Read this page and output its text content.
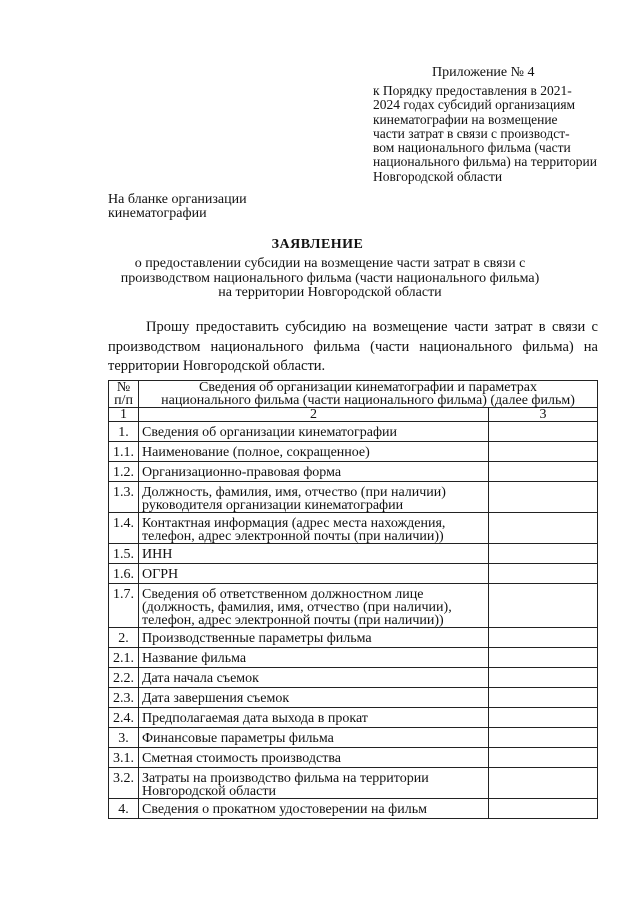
Приложение № 4
к Порядку предоставления в 2021-
2024 годах субсидий организациям
кинематографии на возмещение
части затрат в связи с производст-
вом национального фильма (части
национального фильма) на территории
Новгородской области
На бланке организации
кинематографии
ЗАЯВЛЕНИЕ
о предоставлении субсидии на возмещение части затрат в связи с
производством национального фильма (части национального фильма)
на территории Новгородской области
Прошу предоставить субсидию на возмещение части затрат в связи с
производством национального фильма (части национального фильма) на
территории Новгородской области.
№
п/п	Сведения об организации кинематографии и параметрах
национального фильма (части национального фильма) (далее фильм)	

1	2	3
1.	Сведения об организации кинематографии	

1.1.	Наименование (полное, сокращенное)	

1.2.	Организационно-правовая форма	

1.3.	Должность, фамилия, имя, отчество (при наличии)
руководителя организации кинематографии	

1.4.	Контактная информация (адрес места нахождения,
телефон, адрес электронной почты (при наличии))	

1.5.	ИНН	

1.6.	ОГРН	

1.7.	Сведения об ответственном должностном лице
(должность, фамилия, имя, отчество (при наличии),
телефон, адрес электронной почты (при наличии))	

2.	Производственные параметры фильма	

2.1.	Название фильма	

2.2.	Дата начала съемок	

2.3.	Дата завершения съемок	

2.4.	Предполагаемая дата выхода в прокат	

3.	Финансовые параметры фильма	

3.1.	Сметная стоимость производства	

3.2.	Затраты на производство фильма на территории
Новгородской области	

4.	Сведения о прокатном удостоверении на фильм	
